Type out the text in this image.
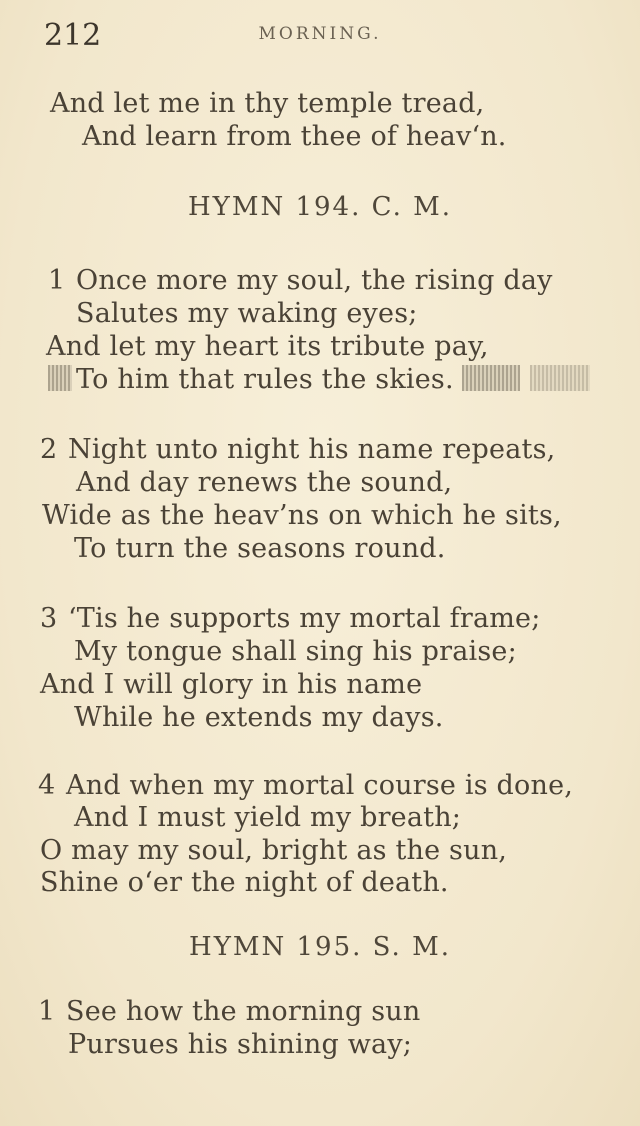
212	MORNING.
And let me in thy temple tread,
And learn from thee of heav‘n.
HYMN 194. C. M.
1 Once more my soul, the rising day
Salutes my waking eyes;
And let my heart its tribute pay,
To him that rules the skies.
2 Night unto night his name repeats,
And day renews the sound,
Wide as the heav’ns on which he sits,
To turn the seasons round.
3 ‘Tis he supports my mortal frame;
My tongue shall sing his praise;
And I will glory in his name
While he extends my days.
4 And when my mortal course is done,
And I must yield my breath;
O may my soul, bright as the sun,
Shine o‘er the night of death.
HYMN 195. S. M.
1 See how the morning sun
Pursues his shining way;
